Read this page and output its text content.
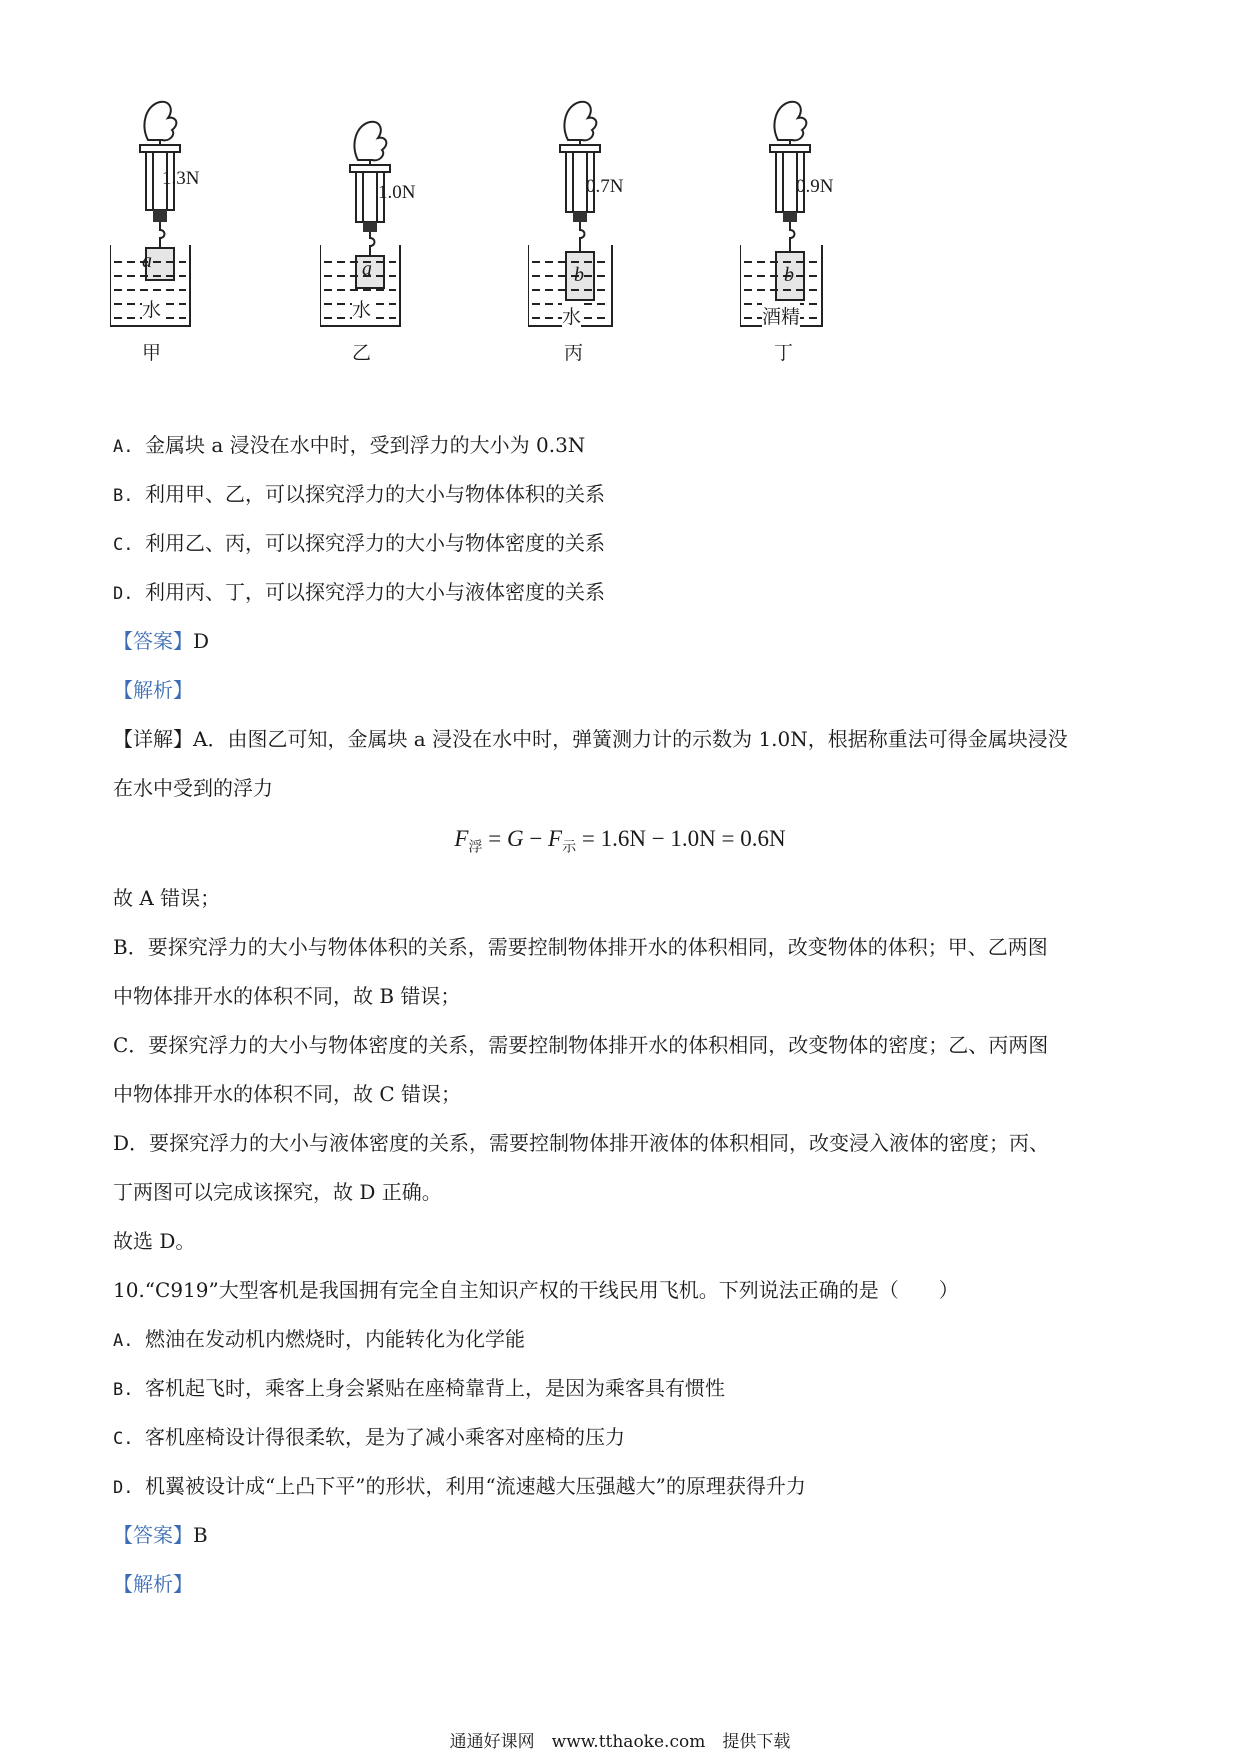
1.3N
a
水
甲
1.0N
a
水
乙
0.7N
b
水
丙
0.9N
b
酒精
丁
A. 金属块 a 浸没在水中时，受到浮力的大小为 0.3N
B. 利用甲、乙，可以探究浮力的大小与物体体积的关系
C. 利用乙、丙，可以探究浮力的大小与物体密度的关系
D. 利用丙、丁，可以探究浮力的大小与液体密度的关系
【答案】D
【解析】
【详解】A．由图乙可知，金属块 a 浸没在水中时，弹簧测力计的示数为 1.0N，根据称重法可得金属块浸没
在水中受到的浮力
$F_浮 = G - F_示 = 1.6N - 1.0N = 0.6N$
故 A 错误；
B．要探究浮力的大小与物体体积的关系，需要控制物体排开水的体积相同，改变物体的体积；甲、乙两图
中物体排开水的体积不同，故 B 错误；
C．要探究浮力的大小与物体密度的关系，需要控制物体排开水的体积相同，改变物体的密度；乙、丙两图
中物体排开水的体积不同，故 C 错误；
D．要探究浮力的大小与液体密度的关系，需要控制物体排开液体的体积相同，改变浸入液体的密度；丙、
丁两图可以完成该探究，故 D 正确。
故选 D。
10.“C919”大型客机是我国拥有完全自主知识产权的干线民用飞机。下列说法正确的是（　　）
A. 燃油在发动机内燃烧时，内能转化为化学能
B. 客机起飞时，乘客上身会紧贴在座椅靠背上，是因为乘客具有惯性
C. 客机座椅设计得很柔软，是为了减小乘客对座椅的压力
D. 机翼被设计成“上凸下平”的形状，利用“流速越大压强越大”的原理获得升力
【答案】B
【解析】
通通好课网　www.tthaoke.com　提供下载
